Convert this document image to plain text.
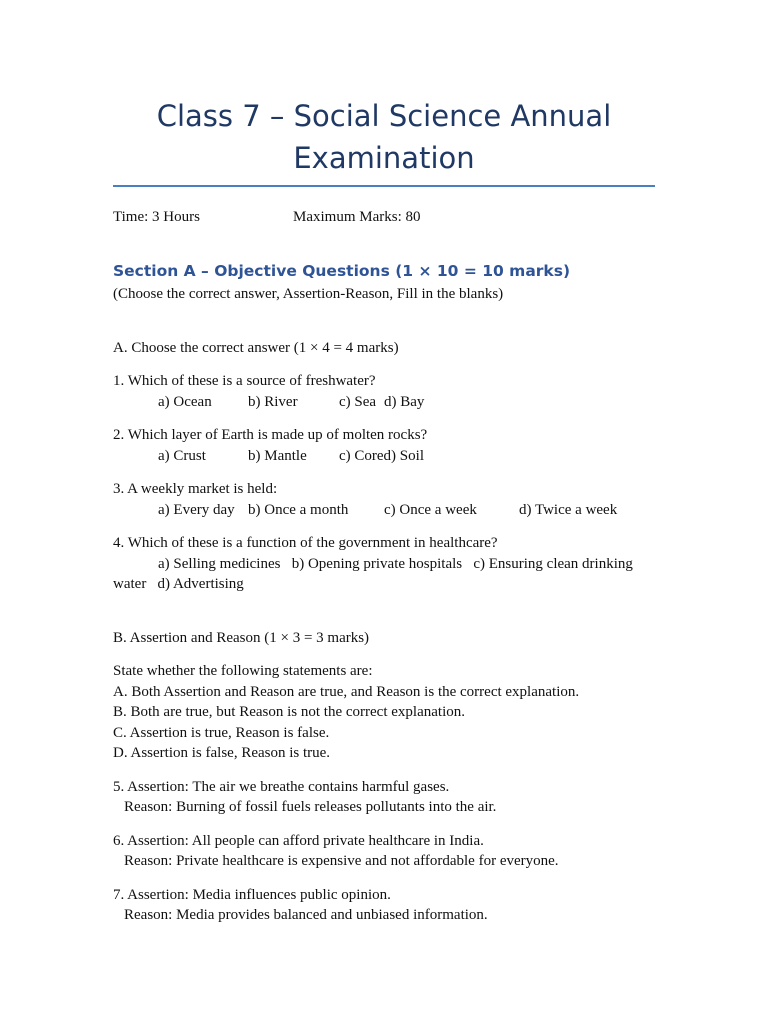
Class 7 – Social Science Annual
Examination
Time: 3 Hours	Maximum Marks: 80
Section A – Objective Questions (1 × 10 = 10 marks)
(Choose the correct answer, Assertion-Reason, Fill in the blanks)
A. Choose the correct answer (1 × 4 = 4 marks)
1. Which of these is a source of freshwater?
a) Ocean b) River	c) Sea d) Bay
2. Which layer of Earth is made up of molten rocks?
a) Crust	b) Mantle c) Cored) Soil
3. A weekly market is held:
a) Every day b) Once a month c) Once a week	d) Twice a week
4. Which of these is a function of the government in healthcare?
a) Selling medicines   b) Opening private hospitals   c) Ensuring clean drinking
water   d) Advertising
B. Assertion and Reason (1 × 3 = 3 marks)
State whether the following statements are:
A. Both Assertion and Reason are true, and Reason is the correct explanation.
B. Both are true, but Reason is not the correct explanation.
C. Assertion is true, Reason is false.
D. Assertion is false, Reason is true.
5. Assertion: The air we breathe contains harmful gases.
Reason: Burning of fossil fuels releases pollutants into the air.
6. Assertion: All people can afford private healthcare in India.
Reason: Private healthcare is expensive and not affordable for everyone.
7. Assertion: Media influences public opinion.
Reason: Media provides balanced and unbiased information.
